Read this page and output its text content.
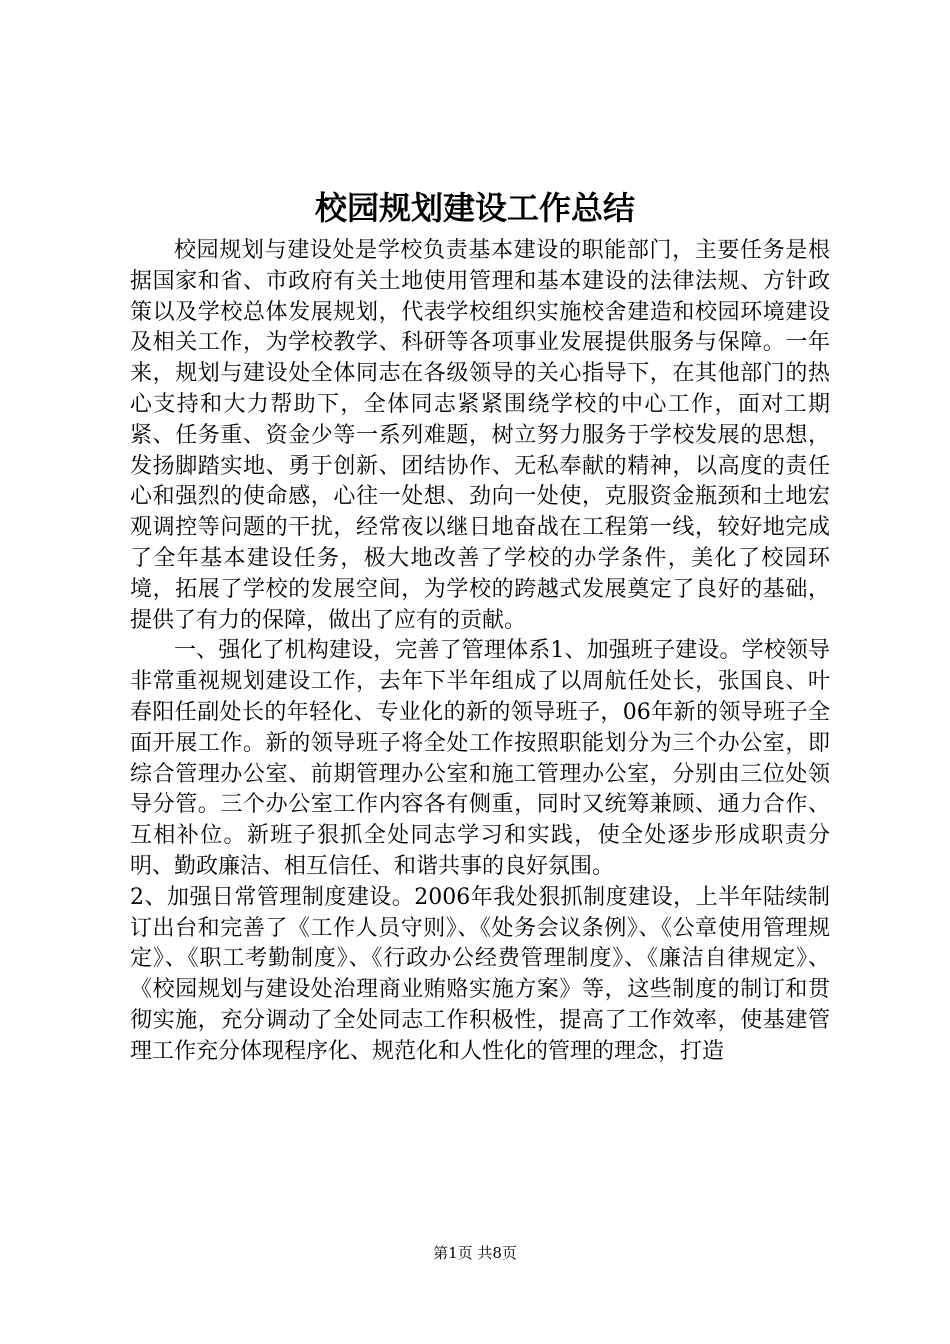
校园规划建设工作总结

校园规划与建设处是学校负责基本建设的职能部门，主要任务是根据国家和省、市政府有关土地使用管理和基本建设的法律法规、方针政策以及学校总体发展规划，代表学校组织实施校舍建造和校园环境建设及相关工作，为学校教学、科研等各项事业发展提供服务与保障。一年来，规划与建设处全体同志在各级领导的关心指导下，在其他部门的热心支持和大力帮助下，全体同志紧紧围绕学校的中心工作，面对工期紧、任务重、资金少等一系列难题，树立努力服务于学校发展的思想，发扬脚踏实地、勇于创新、团结协作、无私奉献的精神，以高度的责任心和强烈的使命感，心往一处想、劲向一处使，克服资金瓶颈和土地宏观调控等问题的干扰，经常夜以继日地奋战在工程第一线，较好地完成了全年基本建设任务，极大地改善了学校的办学条件，美化了校园环境，拓展了学校的发展空间，为学校的跨越式发展奠定了良好的基础，提供了有力的保障，做出了应有的贡献。

一、强化了机构建设，完善了管理体系1、加强班子建设。学校领导非常重视规划建设工作，去年下半年组成了以周航任处长，张国良、叶春阳任副处长的年轻化、专业化的新的领导班子，06年新的领导班子全面开展工作。新的领导班子将全处工作按照职能划分为三个办公室，即综合管理办公室、前期管理办公室和施工管理办公室，分别由三位处领导分管。三个办公室工作内容各有侧重，同时又统筹兼顾、通力合作、互相补位。新班子狠抓全处同志学习和实践，使全处逐步形成职责分明、勤政廉洁、相互信任、和谐共事的良好氛围。

2、加强日常管理制度建设。2006年我处狠抓制度建设，上半年陆续制订出台和完善了《工作人员守则》、《处务会议条例》、《公章使用管理规定》、《职工考勤制度》、《行政办公经费管理制度》、《廉洁自律规定》、《校园规划与建设处治理商业贿赂实施方案》等，这些制度的制订和贯彻实施，充分调动了全处同志工作积极性，提高了工作效率，使基建管理工作充分体现程序化、规范化和人性化的管理的理念，打造

第1页 共8页
